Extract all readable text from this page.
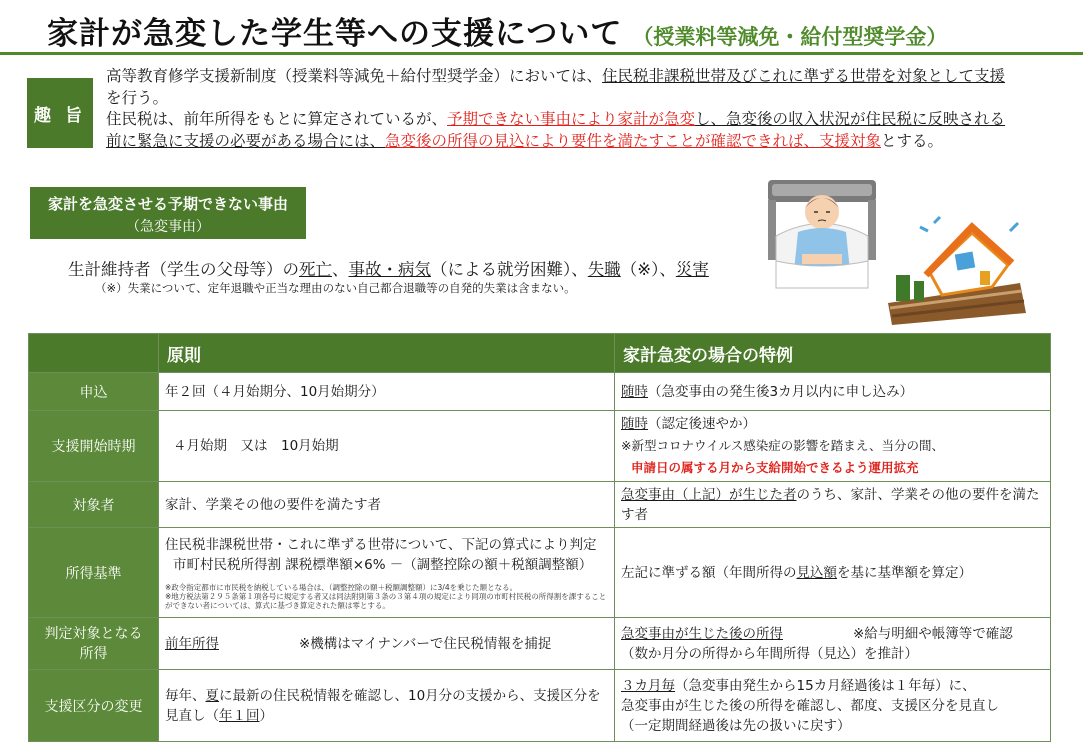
家計が急変した学生等への支援について （授業料等減免・給付型奨学金）
趣 旨

高等教育修学支援新制度（授業料等減免＋給付型奨学金）においては、住民税非課税世帯及びこれに準ずる世帯を対象として支援を行う。

住民税は、前年所得をもとに算定されているが、予期できない事由により家計が急変し、急変後の収入状況が住民税に反映される前に緊急に支援の必要がある場合には、急変後の所得の見込により要件を満たすことが確認できれば、支援対象とする。

家計を急変させる予期できない事由
（急変事由）
生計維持者（学生の父母等）の死亡、事故・病気（による就労困難）、失職（※）、災害
（※）失業について、定年退職や正当な理由のない自己都合退職等の自発的失業は含まない。
	原則	家計急変の場合の特例
申込	年２回（４月始期分、10月始期分）	随時（急変事由の発生後3カ月以内に申し込み）
支援開始時期	４月始期　又は　10月始期	随時（認定後速やか）
※新型コロナウイルス感染症の影響を踏まえ、当分の間、
申請日の属する月から支給開始できるよう運用拡充

対象者	家計、学業その他の要件を満たす者	急変事由（上記）が生じた者のうち、家計、学業その他の要件を満たす者
所得基準	住民税非課税世帯・これに準ずる世帯について、下記の算式により判定
市町村民税所得割 課税標準額×6% －（調整控除の額＋税額調整額）
※政令指定都市に市民税を納税している場合は、（調整控除の額＋税額調整額）に3/4を乗じた額となる。
※地方税法第２９５条第１項各号に規定する者又は同法附則第３条の３第４項の規定により同項の市町村民税の所得割を課することができない者については、算式に基づき算定された額は零とする。	左記に準ずる額（年間所得の見込額を基に基準額を算定）
判定対象となる所得	前年所得 ※機構はマイナンバーで住民税情報を捕捉	急変事由が生じた後の所得 ※給与明細や帳簿等で確認
（数か月分の所得から年間所得（見込）を推計）

支援区分の変更	毎年、夏に最新の住民税情報を確認し、10月分の支援から、支援区分を見直し（年１回）	３カ月毎（急変事由発生から15カ月経過後は１年毎）に、
急変事由が生じた後の所得を確認し、都度、支援区分を見直し
（一定期間経過後は先の扱いに戻す）
